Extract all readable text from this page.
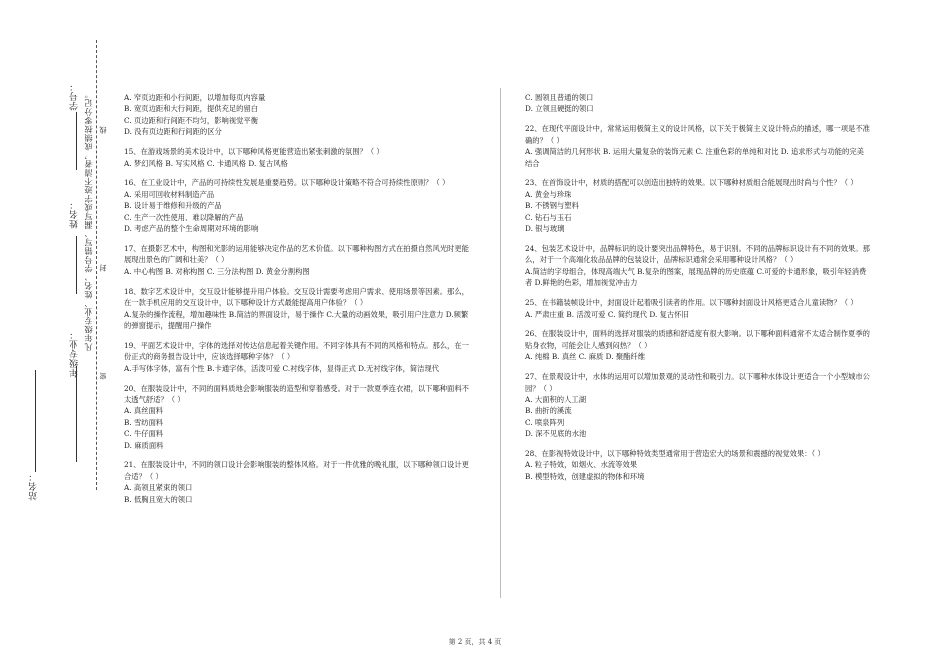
学号：
姓名：
年级专业：
站名：
凡年级专业、姓名、学号错写、漏写或字迹不清者，成绩按零分记。 线
封
密

A. 窄页边距和小行间距，以增加每页内容量

B. 宽页边距和大行间距，提供充足的留白

C. 页边距和行间距不均匀，影响视觉平衡

D. 没有页边距和行间距的区分

15、在游戏场景的美术设计中，以下哪种风格更能营造出紧张刺激的氛围？（ ）

A. 梦幻风格 B. 写实风格 C. 卡通风格 D. 复古风格

16、在工业设计中，产品的可持续性发展是重要趋势。以下哪种设计策略不符合可持续性原则？（ ）

A. 采用可回收材料制造产品

B. 设计易于维修和升级的产品

C. 生产一次性使用、难以降解的产品

D. 考虑产品的整个生命周期对环境的影响

17、在摄影艺术中，构图和光影的运用能够决定作品的艺术价值。以下哪种构图方式在拍摄自然风光时更能展现出景色的广阔和壮美？（ ）

A. 中心构图 B. 对称构图 C. 三分法构图 D. 黄金分割构图

18、数字艺术设计中，交互设计能够提升用户体验。交互设计需要考虑用户需求、使用场景等因素。那么，在一款手机应用的交互设计中，以下哪种设计方式最能提高用户体验？（ ）

A.复杂的操作流程，增加趣味性 B.简洁的界面设计，易于操作 C.大量的动画效果，吸引用户注意力 D.频繁的弹窗提示，提醒用户操作

19、平面艺术设计中，字体的选择对传达信息起着关键作用。不同字体具有不同的风格和特点。那么，在一份正式的商务报告设计中，应该选择哪种字体？（ ）

A.手写体字体，富有个性 B.卡通字体，活泼可爱 C.衬线字体，显得正式 D.无衬线字体，简洁现代

20、在服装设计中，不同的面料质地会影响服装的造型和穿着感受。对于一款夏季连衣裙，以下哪种面料不太透气舒适？（ ）

A. 真丝面料

B. 雪纺面料

C. 牛仔面料

D. 麻质面料

21、在服装设计中，不同的领口设计会影响服装的整体风格。对于一件优雅的晚礼服，以下哪种领口设计更合适？（ ）

A. 高领且紧束的领口

B. 低胸且宽大的领口

C. 圆领且普通的领口

D. 立领且硬挺的领口

22、在现代平面设计中，常常运用极简主义的设计风格，以下关于极简主义设计特点的描述，哪一项是不准确的？（ ）

A. 强调简洁的几何形状 B. 运用大量复杂的装饰元素 C. 注重色彩的单纯和对比 D. 追求形式与功能的完美结合

23、在首饰设计中，材质的搭配可以创造出独特的效果。以下哪种材质组合能展现出时尚与个性？（ ）

A. 黄金与珍珠

B. 不锈钢与塑料

C. 钻石与玉石

D. 银与玻璃

24、包装艺术设计中，品牌标识的设计要突出品牌特色，易于识别。不同的品牌标识设计有不同的效果。那么，对于一个高端化妆品品牌的包装设计，品牌标识通常会采用哪种设计风格？（ ）

A.简洁的字母组合，体现高端大气 B.复杂的图案，展现品牌的历史底蕴 C.可爱的卡通形象，吸引年轻消费者 D.鲜艳的色彩，增加视觉冲击力

25、在书籍装帧设计中，封面设计起着吸引读者的作用。以下哪种封面设计风格更适合儿童读物？（ ）

A. 严肃庄重 B. 活泼可爱 C. 简约现代 D. 复古怀旧

26、在服装设计中，面料的选择对服装的质感和舒适度有很大影响。以下哪种面料通常不太适合制作夏季的贴身衣物，可能会让人感到闷热？（ ）

A. 纯棉 B. 真丝 C. 麻质 D. 聚酯纤维

27、在景观设计中，水体的运用可以增加景观的灵动性和吸引力。以下哪种水体设计更适合一个小型城市公园？（ ）

A. 大面积的人工湖

B. 曲折的溪流

C. 喷泉阵列

D. 深不见底的水池

28、在影视特效设计中，以下哪种特效类型通常用于营造宏大的场景和震撼的视觉效果：（ ）

A. 粒子特效，如烟火、水流等效果

B. 模型特效，创建虚拟的物体和环境

第 2 页，共 4 页
